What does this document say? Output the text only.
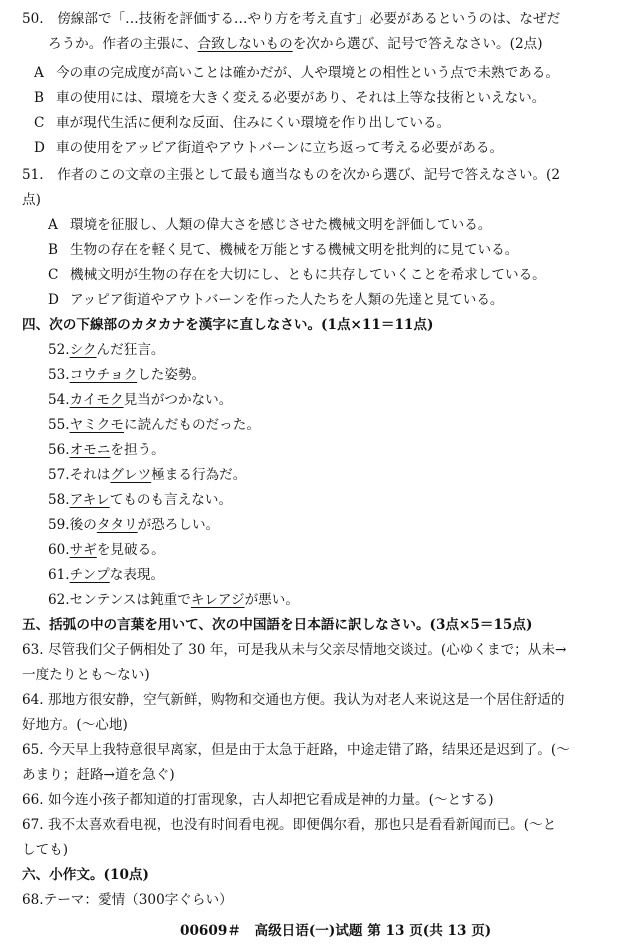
50.　傍線部で「…技術を評価する…やり方を考え直す」必要があるというのは、なぜだ
ろうか。作者の主張に、合致しないものを次から選び、記号で答えなさい。(2点)
A 今の車の完成度が高いことは確かだが、人や環境との相性という点で未熟である。
B 車の使用には、環境を大きく変える必要があり、それは上等な技術といえない。
C 車が現代生活に便利な反面、住みにくい環境を作り出している。
D 車の使用をアッピア街道やアウトバーンに立ち返って考える必要がある。
51.　作者のこの文章の主張として最も適当なものを次から選び、記号で答えなさい。(2
点)
A 環境を征服し、人類の偉大さを感じさせた機械文明を評価している。
B 生物の存在を軽く見て、機械を万能とする機械文明を批判的に見ている。
C 機械文明が生物の存在を大切にし、ともに共存していくことを希求している。
D アッピア街道やアウトバーンを作った人たちを人類の先達と見ている。
四、次の下線部のカタカナを漢字に直しなさい。(1点×11＝11点)
52.シクんだ狂言。
53.コウチョクした姿勢。
54.カイモク見当がつかない。
55.ヤミクモに読んだものだった。
56.オモニを担う。
57.それはグレツ極まる行為だ。
58.アキレてものも言えない。
59.後のタタリが恐ろしい。
60.サギを見破る。
61.チンプな表現。
62.センテンスは鈍重でキレアジが悪い。
五、括弧の中の言葉を用いて、次の中国語を日本語に訳しなさい。(3点×5＝15点)
63. 尽管我们父子俩相处了 30 年，可是我从未与父亲尽情地交谈过。(心ゆくまで；从未→
一度たりとも～ない)
64. 那地方很安静，空气新鲜，购物和交通也方便。我认为对老人来说这是一个居住舒适的
好地方。(～心地)
65. 今天早上我特意很早离家，但是由于太急于赶路，中途走错了路，结果还是迟到了。(～
あまり；赶路→道を急ぐ)
66. 如今连小孩子都知道的打雷现象，古人却把它看成是神的力量。(～とする)
67. 我不太喜欢看电视，也没有时间看电视。即便偶尔看，那也只是看看新闻而已。(～と
しても)
六、小作文。(10点)
68.テーマ：愛情（300字ぐらい）
00609＃　高级日语(一)试题 第 13 页(共 13 页)
